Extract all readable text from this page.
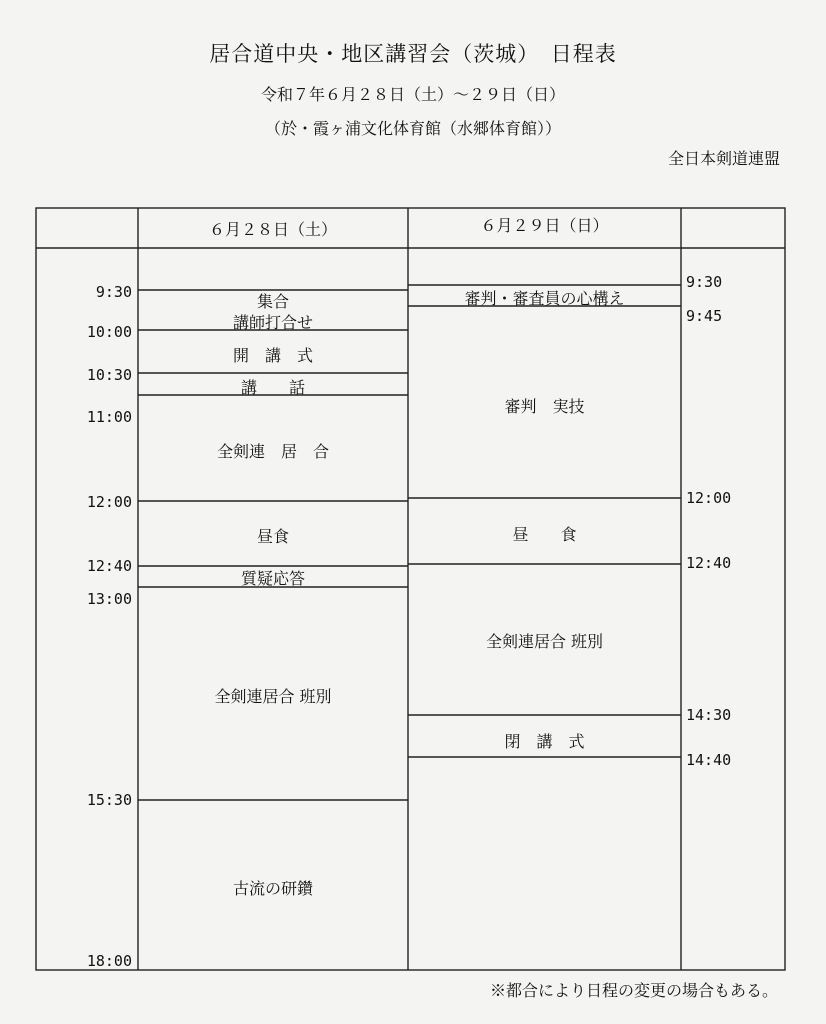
居合道中央・地区講習会（茨城）　日程表
令和７年６月２８日（土）～２９日（日）
（於・霞ヶ浦文化体育館（水郷体育館））
全日本剣道連盟
６月２８日（土）	６月２９日（日）
9:30
10:00
10:30
11:00
12:00
12:40
13:00
15:30
18:00
9:30
9:45
12:00
12:40
14:30
14:40
集合
講師打合せ
開　講　式
講　　話
全剣連　居　合
昼食
質疑応答
全剣連居合 班別
古流の研鑽
審判・審査員の心構え
審判　実技
昼　　食
全剣連居合 班別
閉　講　式
※都合により日程の変更の場合もある。
